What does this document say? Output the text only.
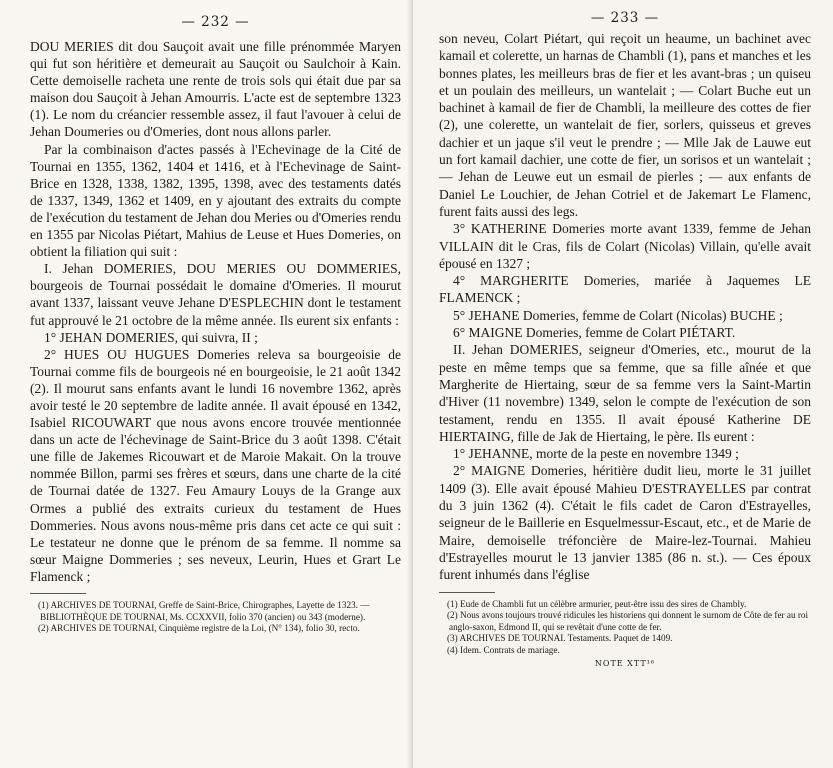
— 232 —

DOU MERIES dit dou Sauçoit avait une fille prénommée Maryen qui fut son héritière et demeurait au Sauçoit ou Saulchoir à Kain. Cette demoiselle racheta une rente de trois sols qui était due par sa maison dou Sauçoit à Jehan Amourris. L'acte est de septembre 1323 (1). Le nom du créancier ressemble assez, il faut l'avouer à celui de Jehan Doumeries ou d'Omeries, dont nous allons parler.

Par la combinaison d'actes passés à l'Echevinage de la Cité de Tournai en 1355, 1362, 1404 et 1416, et à l'Echevinage de Saint-Brice en 1328, 1338, 1382, 1395, 1398, avec des testaments datés de 1337, 1349, 1362 et 1409, en y ajoutant des extraits du compte de l'exécution du testament de Jehan dou Meries ou d'Omeries rendu en 1355 par Nicolas Piétart, Mahius de Leuse et Hues Domeries, on obtient la filiation qui suit :

I. Jehan DOMERIES, DOU MERIES OU DOMMERIES, bourgeois de Tournai possédait le domaine d'Omeries. Il mourut avant 1337, laissant veuve Jehane D'ESPLECHIN dont le testament fut approuvé le 21 octobre de la même année. Ils eurent six enfants :

1° JEHAN DOMERIES, qui suivra, II ;

2° HUES OU HUGUES Domeries releva sa bourgeoisie de Tournai comme fils de bourgeois né en bourgeoisie, le 21 août 1342 (2). Il mourut sans enfants avant le lundi 16 novembre 1362, après avoir testé le 20 septembre de ladite année. Il avait épousé en 1342, Isabiel RICOUWART que nous avons encore trouvée mentionnée dans un acte de l'échevinage de Saint-Brice du 3 août 1398. C'était une fille de Jakemes Ricouwart et de Maroie Makait. On la trouve nommée Billon, parmi ses frères et sœurs, dans une charte de la cité de Tournai datée de 1327. Feu Amaury Louys de la Grange aux Ormes a publié des extraits curieux du testament de Hues Dommeries. Nous avons nous-même pris dans cet acte ce qui suit : Le testateur ne donne que le prénom de sa femme. Il nomme sa sœur Maigne Dommeries ; ses neveux, Leurin, Hues et Grart Le Flamenck ;

(1) ARCHIVES DE TOURNAI, Greffe de Saint-Brice, Chirographes, Layette de 1323. — BIBLIOTHÈQUE DE TOURNAI, Ms. CCXXVII, folio 370 (ancien) ou 343 (moderne).

(2) ARCHIVES DE TOURNAI, Cinquième registre de la Loi, (N° 134), folio 30, recto.

— 233 —

son neveu, Colart Piétart, qui reçoit un heaume, un bachinet avec kamail et colerette, un harnas de Chambli (1), pans et manches et les bonnes plates, les meilleurs bras de fier et les avant-bras ; un quiseu et un poulain des meilleurs, un wantelait ; — Colart Buche eut un bachinet à kamail de fier de Chambli, la meilleure des cottes de fier (2), une colerette, un wantelait de fier, sorlers, quisseus et greves dachier et un jaque s'il veut le prendre ; — Mlle Jak de Lauwe eut un fort kamail dachier, une cotte de fier, un sorisos et un wantelait ; — Jehan de Leuwe eut un esmail de pierles ; — aux enfants de Daniel Le Louchier, de Jehan Cotriel et de Jakemart Le Flamenc, furent faits aussi des legs.

3° KATHERINE Domeries morte avant 1339, femme de Jehan VILLAIN dit le Cras, fils de Colart (Nicolas) Villain, qu'elle avait épousé en 1327 ;

4° MARGHERITE Domeries, mariée à Jaquemes LE FLAMENCK ;

5° JEHANE Domeries, femme de Colart (Nicolas) BUCHE ;

6° MAIGNE Domeries, femme de Colart PIÉTART.

II. Jehan DOMERIES, seigneur d'Omeries, etc., mourut de la peste en même temps que sa femme, que sa fille aînée et que Margherite de Hiertaing, sœur de sa femme vers la Saint-Martin d'Hiver (11 novembre) 1349, selon le compte de l'exécution de son testament, rendu en 1355. Il avait épousé Katherine DE HIERTAING, fille de Jak de Hiertaing, le père. Ils eurent :

1° JEHANNE, morte de la peste en novembre 1349 ;

2° MAIGNE Domeries, héritière dudit lieu, morte le 31 juillet 1409 (3). Elle avait épousé Mahieu D'ESTRAYELLES par contrat du 3 juin 1362 (4). C'était le fils cadet de Caron d'Estrayelles, seigneur de le Baillerie en Esquelmessur-Escaut, etc., et de Marie de Maire, demoiselle tréfoncière de Maire-lez-Tournai. Mahieu d'Estrayelles mourut le 13 janvier 1385 (86 n. st.). — Ces époux furent inhumés dans l'église

(1) Eude de Chambli fut un célèbre armurier, peut-être issu des sires de Chambly.

(2) Nous avons toujours trouvé ridicules les historiens qui donnent le surnom de Côte de fer au roi anglo-saxon, Edmond II, qui se revêtait d'une cotte de fer.

(3) ARCHIVES DE TOURNAI. Testaments. Paquet de 1409.

(4) Idem. Contrats de mariage.

NOTE XTT¹⁶
